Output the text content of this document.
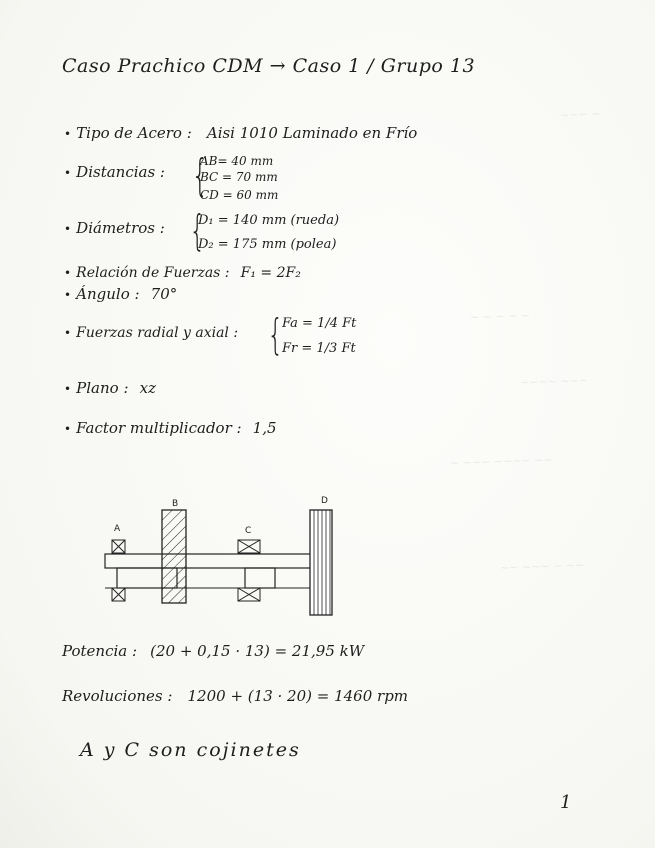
~~~ ~
~ ~ ~ ~ ~
~~~~ ~~~
~ ~~~ ~~~~ ~~
~~ ~~~ ~ ~~
Caso Prachico CDM → Caso 1 / Grupo 13
• Tipo de Acero : Aisi 1010 Laminado en Frío
• Distancias : {
AB= 40 mm
BC = 70 mm
CD = 60 mm
• Diámetros : {
D₁ = 140 mm (rueda)
D₂ = 175 mm (polea)
• Relación de Fuerzas : F₁ = 2F₂
• Ángulo : 70°
• Fuerzas radial y axial : {
Fa = 1/4 Ft
Fr = 1/3 Ft
• Plano : xz
• Factor multiplicador : 1,5
A
B
C
D
Potencia : (20 + 0,15 · 13) = 21,95 kW
Revoluciones : 1200 + (13 · 20) = 1460 rpm
A y C son cojinetes
1
